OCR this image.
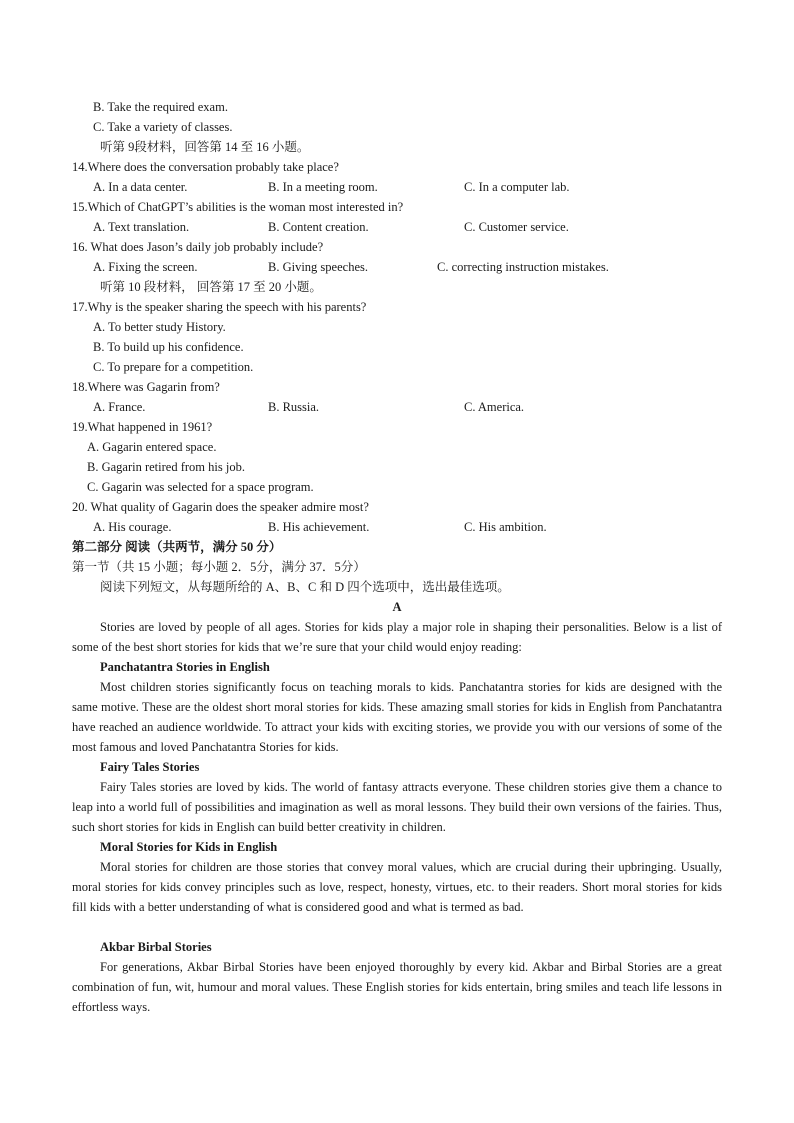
B. Take the required exam.
C. Take a variety of classes.
听第 9段材料，回答第 14 至 16 小题。
14.Where does the conversation probably take place?
A. In a data center.	B. In a meeting room.	C. In a computer lab.
15.Which of ChatGPT’s abilities is the woman most interested in?
A. Text translation.	B. Content creation.	C. Customer service.
16. What does Jason’s daily job probably include?
A. Fixing the screen.	B. Giving speeches.	C. correcting instruction mistakes.
听第 10 段材料， 回答第 17 至 20 小题。
17.Why is the speaker sharing the speech with his parents?
A. To better study History.
B. To build up his confidence.
C. To prepare for a competition.
18.Where was Gagarin from?
A. France.	B. Russia.	C. America.
19.What happened in 1961?
A. Gagarin entered space.
B. Gagarin retired from his job.
C. Gagarin was selected for a space program.
20. What quality of Gagarin does the speaker admire most?
A. His courage.	B. His achievement.	C. His ambition.
第二部分 阅读（共两节，满分 50 分）
第一节（共 15 小题；每小题 2．5分，满分 37．5分）
阅读下列短文，从每题所给的 A、B、C 和 D 四个选项中，选出最佳选项。
A
Stories are loved by people of all ages. Stories for kids play a major role in shaping their personalities. Below is a list of some of the best short stories for kids that we’re sure that your child would enjoy reading:
Panchatantra Stories in English
Most children stories significantly focus on teaching morals to kids. Panchatantra stories for kids are designed with the same motive. These are the oldest short moral stories for kids. These amazing small stories for kids in English from Panchatantra have reached an audience worldwide. To attract your kids with exciting stories, we provide you with our versions of some of the most famous and loved Panchatantra Stories for kids.
Fairy Tales Stories
Fairy Tales stories are loved by kids. The world of fantasy attracts everyone. These children stories give them a chance to leap into a world full of possibilities and imagination as well as moral lessons. They build their own versions of the fairies. Thus, such short stories for kids in English can build better creativity in children.
Moral Stories for Kids in English
Moral stories for children are those stories that convey moral values, which are crucial during their upbringing. Usually, moral stories for kids convey principles such as love, respect, honesty, virtues, etc. to their readers. Short moral stories for kids fill kids with a better understanding of what is considered good and what is termed as bad.
Akbar Birbal Stories
For generations, Akbar Birbal Stories have been enjoyed thoroughly by every kid. Akbar and Birbal Stories are a great combination of fun, wit, humour and moral values. These English stories for kids entertain, bring smiles and teach life lessons in effortless ways.
